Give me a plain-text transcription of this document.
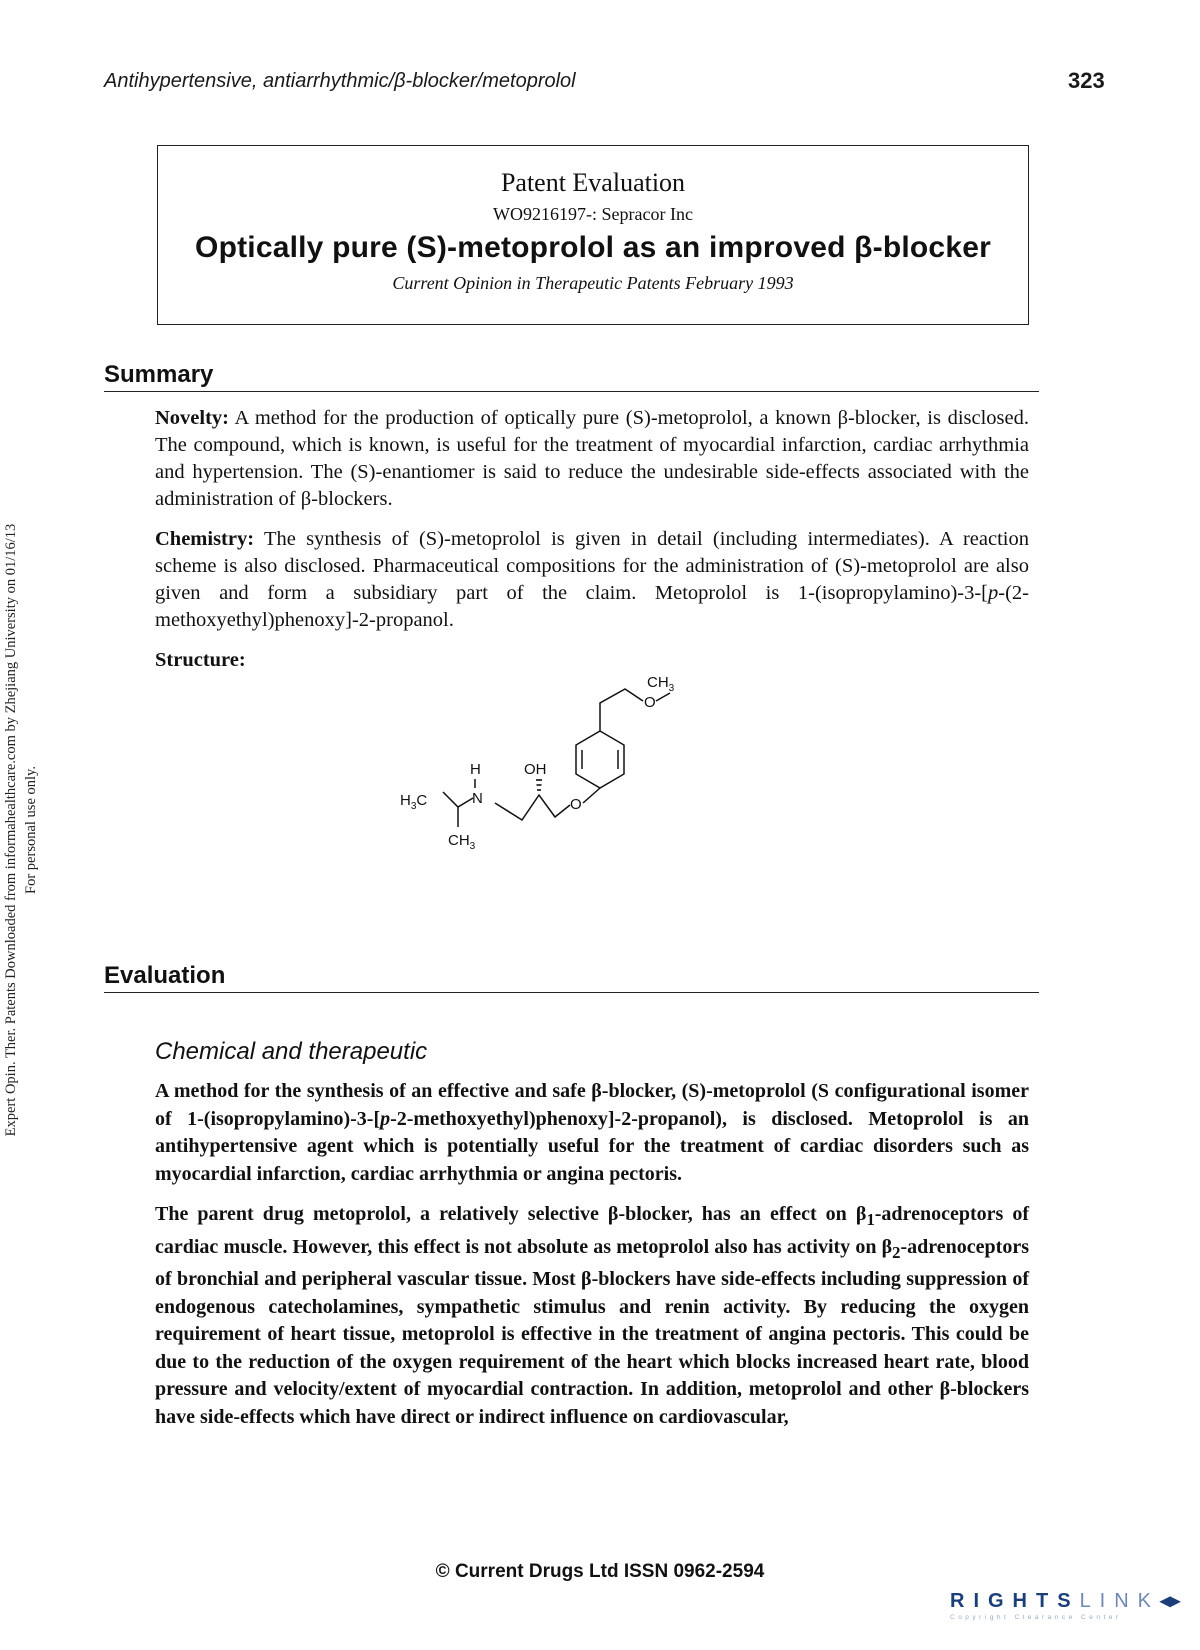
Antihypertensive, antiarrhythmic/β-blocker/metoprolol	323
Expert Opin. Ther. Patents Downloaded from informahealthcare.com by Zhejiang University on 01/16/13 For personal use only.
Patent Evaluation
WO9216197-: Sepracor Inc
Optically pure (S)-metoprolol as an improved β-blocker
Current Opinion in Therapeutic Patents February 1993
Summary

Novelty: A method for the production of optically pure (S)-metoprolol, a known β-blocker, is disclosed. The compound, which is known, is useful for the treatment of myocardial infarction, cardiac arrhythmia and hypertension. The (S)-enantiomer is said to reduce the undesirable side-effects associated with the administration of β-blockers.

Chemistry: The synthesis of (S)-metoprolol is given in detail (including intermediates). A reaction scheme is also disclosed. Pharmaceutical compositions for the administration of (S)-metoprolol are also given and form a subsidiary part of the claim. Metoprolol is 1-(isopropylamino)-3-[p-(2-methoxyethyl)phenoxy]-2-propanol.

Structure:

$CH_3$
O
O
OH
H
N
$H_3C$
$CH_3$
Evaluation
Chemical and therapeutic

A method for the synthesis of an effective and safe β-blocker, (S)-metoprolol (S configurational isomer of 1-(isopropylamino)-3-[p-2-methoxyethyl)phenoxy]-2-propanol), is disclosed. Metoprolol is an antihypertensive agent which is potentially useful for the treatment of cardiac disorders such as myocardial infarction, cardiac arrhythmia or angina pectoris.

The parent drug metoprolol, a relatively selective β-blocker, has an effect on $\beta_1$-adrenoceptors of cardiac muscle. However, this effect is not absolute as metoprolol also has activity on $\beta_2$-adrenoceptors of bronchial and peripheral vascular tissue. Most β-blockers have side-effects including suppression of endogenous catecholamines, sympathetic stimulus and renin activity. By reducing the oxygen requirement of heart tissue, metoprolol is effective in the treatment of angina pectoris. This could be due to the reduction of the oxygen requirement of the heart which blocks increased heart rate, blood pressure and velocity/extent of myocardial contraction. In addition, metoprolol and other β-blockers have side-effects which have direct or indirect influence on cardiovascular,

© Current Drugs Ltd ISSN 0962-2594
RIGHTSLINK◂▸
Copyright Clearance Center
